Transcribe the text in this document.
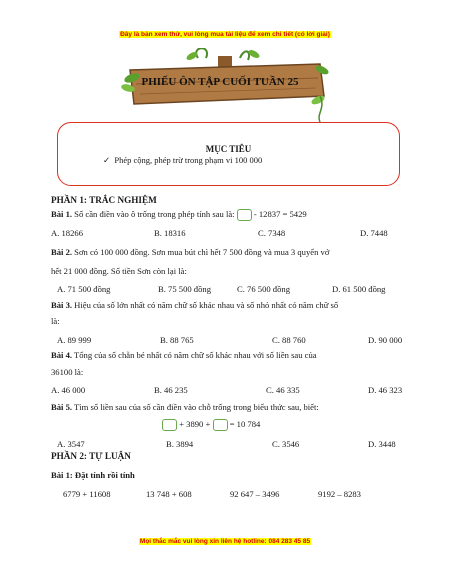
Đây là bản xem thử, vui lòng mua tài liệu để xem chi tiết (có lời giải)
PHIẾU ÔN TẬP CUỐI TUẦN 25
MỤC TIÊU
✓ Phép cộng, phép trừ trong phạm vi 100 000
PHẦN 1: TRẮC NGHIỆM
Bài 1. Số cần điền vào ô trống trong phép tính sau là: - 12837 = 5429
A. 18266	B. 18316	C. 7348	D. 7448
Bài 2. Sơn có 100 000 đồng. Sơn mua bút chì hết 7 500 đồng và mua 3 quyển vở
hết 21 000 đồng. Số tiền Sơn còn lại là:
A. 71 500 đồng	B. 75 500 đồng	C. 76 500 đồng	D. 61 500 đồng
Bài 3. Hiệu của số lớn nhất có năm chữ số khác nhau và số nhỏ nhất có năm chữ số
là:
A. 89 999	B. 88 765	C. 88 760	D. 90 000
Bài 4. Tổng của số chẵn bé nhất có năm chữ số khác nhau với số liền sau của
36100 là:
A. 46 000	B. 46 235	C. 46 335	D. 46 323
Bài 5. Tìm số liền sau của số cần điền vào chỗ trống trong biểu thức sau, biết:
+ 3890 + = 10 784
A. 3547	B. 3894	C. 3546	D. 3448
PHẦN 2: TỰ LUẬN
Bài 1: Đặt tính rồi tính
6779 + 11608	13 748 + 608	92 647 – 3496	9192 – 8283
Mọi thắc mắc vui lòng xin liên hệ hotline: 084 283 45 85
